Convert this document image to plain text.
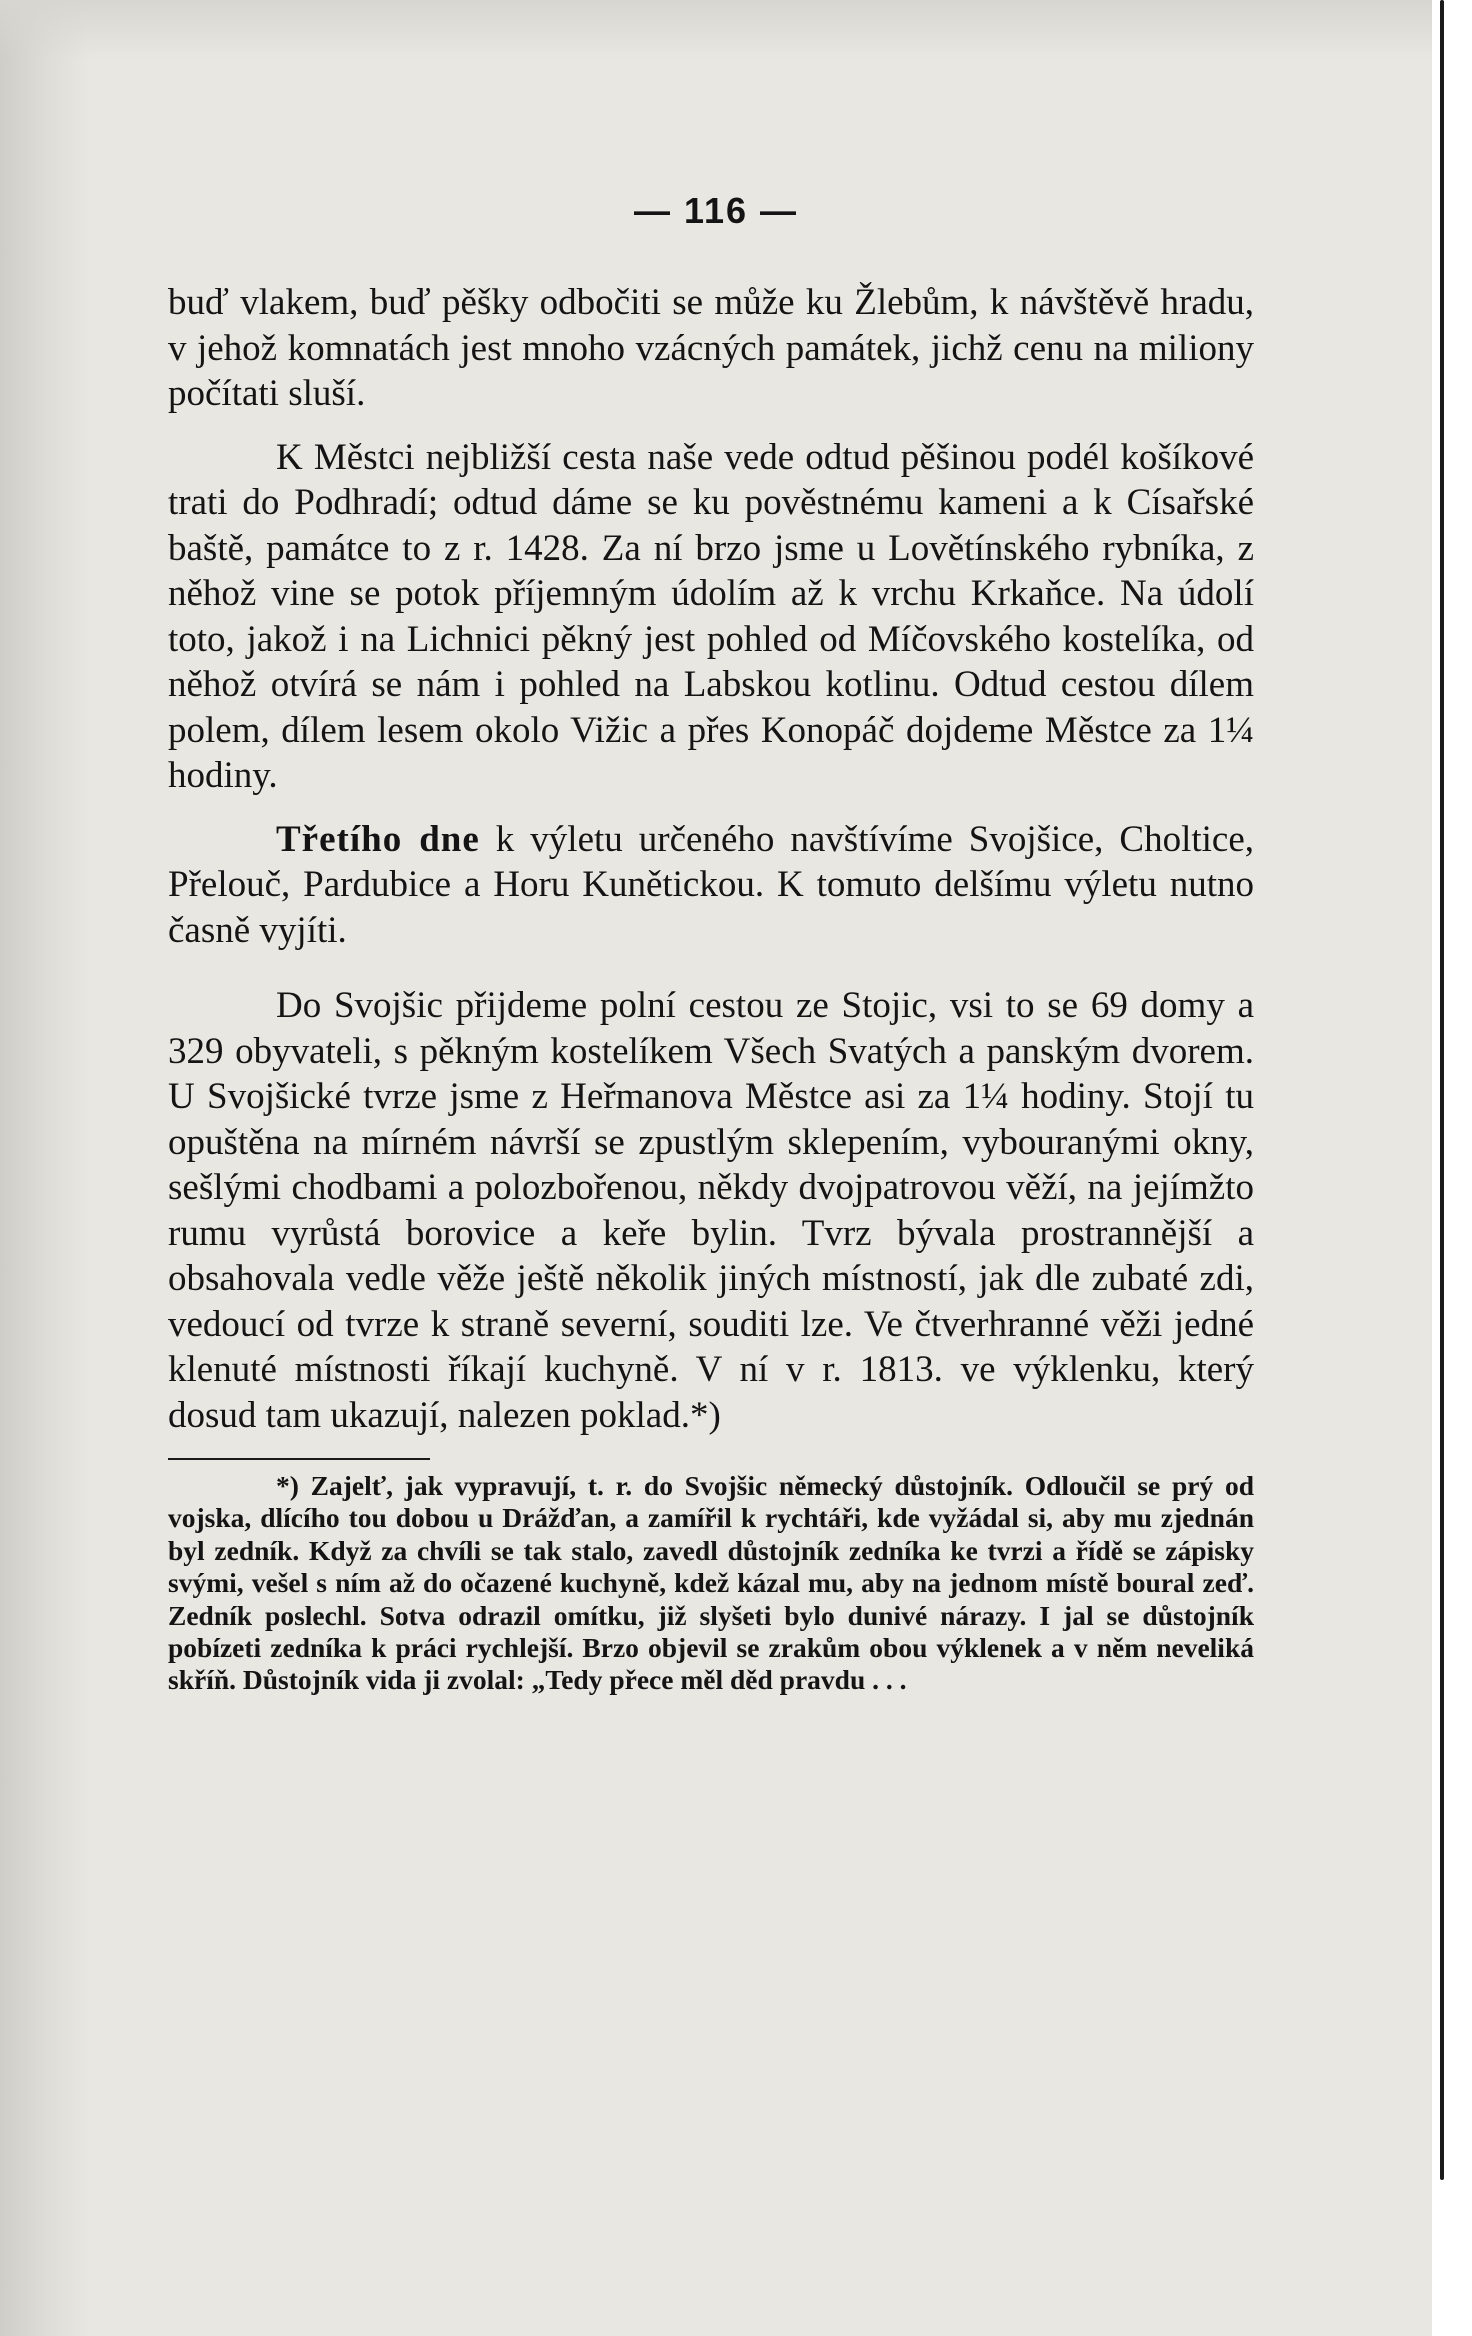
— 116 —

buď vlakem, buď pěšky odbočiti se může ku Žlebům, k návštěvě hradu, v jehož komnatách jest mnoho vzácných památek, jichž cenu na miliony počítati sluší.

K Městci nejbližší cesta naše vede odtud pěšinou podél košíkové trati do Podhradí; odtud dáme se ku pověstnému kameni a k Císařské baště, památce to z r. 1428. Za ní brzo jsme u Lovětínského rybníka, z něhož vine se potok příjemným údolím až k vrchu Krkaňce. Na údolí toto, jakož i na Lichnici pěkný jest pohled od Míčovského kostelíka, od něhož otvírá se nám i pohled na Labskou kotlinu. Odtud cestou dílem polem, dílem lesem okolo Vižic a přes Konopáč dojdeme Městce za 1¼ hodiny.

Třetího dne k výletu určeného navštívíme Svojšice, Choltice, Přelouč, Pardubice a Horu Kunětickou. K tomuto delšímu výletu nutno časně vyjíti.

Do Svojšic přijdeme polní cestou ze Stojic, vsi to se 69 domy a 329 obyvateli, s pěkným kostelíkem Všech Svatých a panským dvorem. U Svojšické tvrze jsme z Heřmanova Městce asi za 1¼ hodiny. Stojí tu opuštěna na mírném návrší se zpustlým sklepením, vybouranými okny, sešlými chodbami a polozbořenou, někdy dvojpatrovou věží, na jejímžto rumu vyrůstá borovice a keře bylin. Tvrz bývala prostrannější a obsahovala vedle věže ještě několik jiných místností, jak dle zubaté zdi, vedoucí od tvrze k straně severní, souditi lze. Ve čtverhranné věži jedné klenuté místnosti říkají kuchyně. V ní v r. 1813. ve výklenku, který dosud tam ukazují, nalezen poklad.*)

*) Zajelť, jak vypravují, t. r. do Svojšic německý důstojník. Odloučil se prý od vojska, dlícího tou dobou u Drážďan, a zamířil k rychtáři, kde vyžádal si, aby mu zjednán byl zedník. Když za chvíli se tak stalo, zavedl důstojník zedníka ke tvrzi a řídě se zápisky svými, vešel s ním až do očazené kuchyně, kdež kázal mu, aby na jednom místě boural zeď. Zedník poslechl. Sotva odrazil omítku, již slyšeti bylo dunivé nárazy. I jal se důstojník pobízeti zedníka k práci rychlejší. Brzo objevil se zrakům obou výklenek a v něm neveliká skříň. Důstojník vida ji zvolal: „Tedy přece měl děd pravdu . . .
